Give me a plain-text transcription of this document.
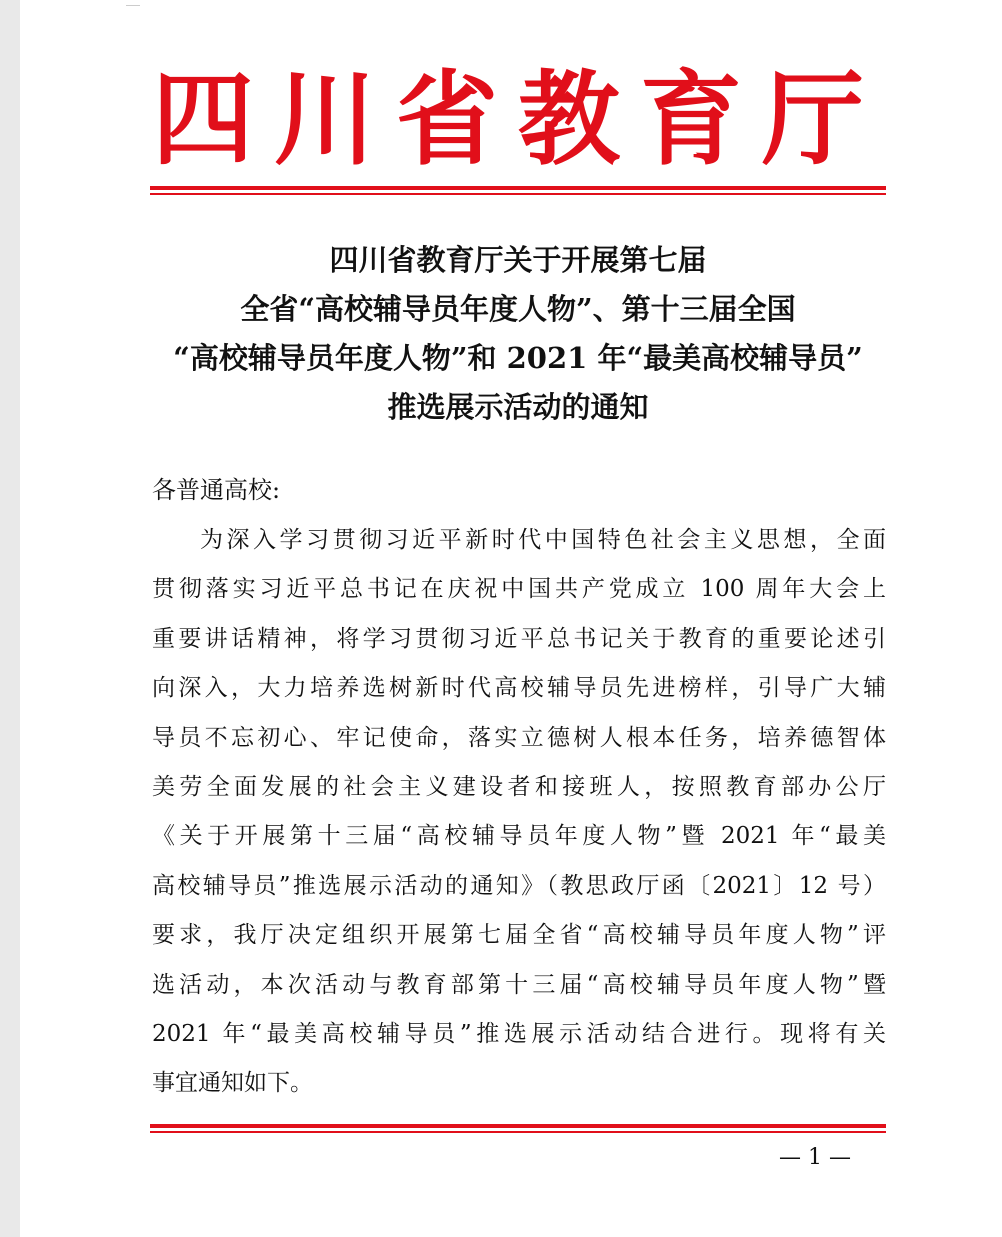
四川省教育厅
四川省教育厅关于开展第七届
全省“高校辅导员年度人物”、第十三届全国
“高校辅导员年度人物”和 2021 年“最美高校辅导员”
推选展示活动的通知
各普通高校:
为深入学习贯彻习近平新时代中国特色社会主义思想，全面
贯彻落实习近平总书记在庆祝中国共产党成立 100 周年大会上
重要讲话精神，将学习贯彻习近平总书记关于教育的重要论述引
向深入，大力培养选树新时代高校辅导员先进榜样，引导广大辅
导员不忘初心、牢记使命，落实立德树人根本任务，培养德智体
美劳全面发展的社会主义建设者和接班人，按照教育部办公厅
《关于开展第十三届“高校辅导员年度人物”暨 2021 年“最美
高校辅导员”推选展示活动的通知》（教思政厅函〔2021〕12 号）
要求，我厅决定组织开展第七届全省“高校辅导员年度人物”评
选活动，本次活动与教育部第十三届“高校辅导员年度人物”暨
2021 年“最美高校辅导员”推选展示活动结合进行。现将有关
事宜通知如下。
— 1 —
